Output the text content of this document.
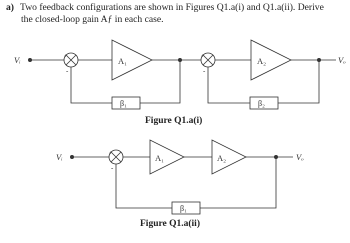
a) Two feedback configurations are shown in Figures Q1.a(i) and Q1.a(ii). Derive
the closed-loop gain Aƒ in each case.
Vᵢ	Vₒ
A₁	A₂
β₁	β₂
+
-
+
-
Vᵢ	Vₒ
A₁	A₂
β₁
+
-
Figure Q1.a(i)
Figure Q1.a(ii)
